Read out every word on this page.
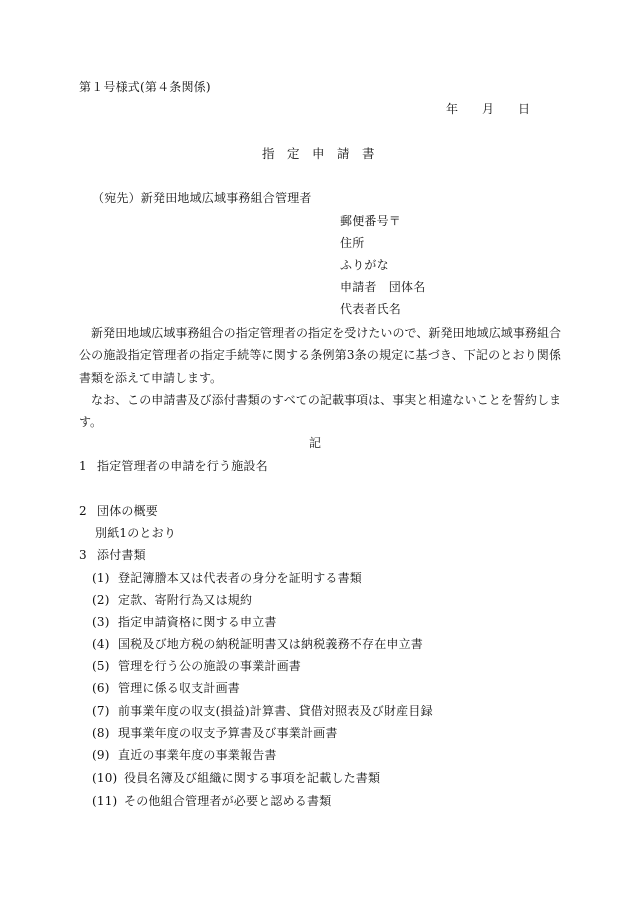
第１号様式(第４条関係)
年 月 日
指定申請書
（宛先）新発田地域広域事務組合管理者
郵便番号〒
住所
ふりがな
申請者　団体名
代表者氏名

新発田地域広域事務組合の指定管理者の指定を受けたいので、新発田地域広域事務組合公の施設指定管理者の指定手続等に関する条例第3条の規定に基づき、下記のとおり関係書類を添えて申請します。

なお、この申請書及び添付書類のすべての記載事項は、事実と相違ないことを誓約します。

記
1 指定管理者の申請を行う施設名
2 団体の概要
別紙1のとおり
3 添付書類
(1) 登記簿謄本又は代表者の身分を証明する書類
(2) 定款、寄附行為又は規約
(3) 指定申請資格に関する申立書
(4) 国税及び地方税の納税証明書又は納税義務不存在申立書
(5) 管理を行う公の施設の事業計画書
(6) 管理に係る収支計画書
(7) 前事業年度の収支(損益)計算書、貸借対照表及び財産目録
(8) 現事業年度の収支予算書及び事業計画書
(9) 直近の事業年度の事業報告書
(10) 役員名簿及び組織に関する事項を記載した書類
(11) その他組合管理者が必要と認める書類
